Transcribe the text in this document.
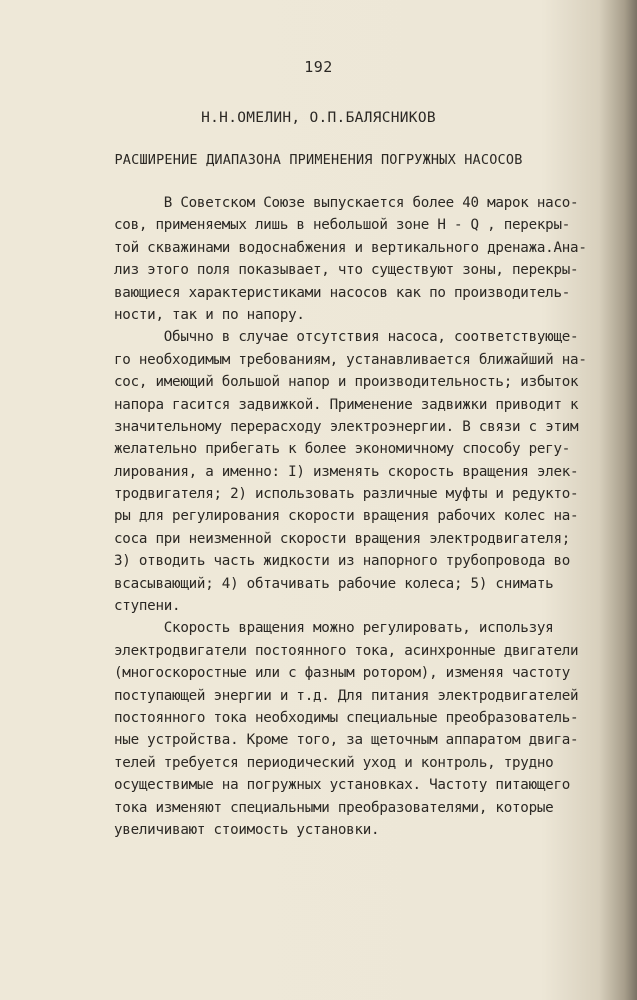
192
Н.Н.ОМЕЛИН, О.П.БАЛЯСНИКОВ
РАСШИРЕНИЕ ДИАПАЗОНА ПРИМЕНЕНИЯ ПОГРУЖНЫХ НАСОСОВ
В Советском Союзе выпускается более 40 марок насо-
сов, применяемых лишь в небольшой зоне H - Q , перекры-
той скважинами водоснабжения и вертикального дренажа.Ана-
лиз этого поля показывает, что существуют зоны, перекры-
вающиеся характеристиками насосов как по производитель-
ности, так и по напору.
Обычно в случае отсутствия насоса, соответствующе-
го необходимым требованиям, устанавливается ближайший на-
сос, имеющий большой напор и производительность; избыток
напора гасится задвижкой. Применение задвижки приводит к
значительному перерасходу электроэнергии. В связи с этим
желательно прибегать к более экономичному способу регу-
лирования, а именно: I) изменять скорость вращения элек-
тродвигателя; 2) использовать различные муфты и редукто-
ры для регулирования скорости вращения рабочих колес на-
соса при неизменной скорости вращения электродвигателя;
3) отводить часть жидкости из напорного трубопровода во
всасывающий; 4) обтачивать рабочие колеса; 5) снимать
ступени.
Скорость вращения можно регулировать, используя
электродвигатели постоянного тока, асинхронные двигатели
(многоскоростные или с фазным ротором), изменяя частоту
поступающей энергии и т.д. Для питания электродвигателей
постоянного тока необходимы специальные преобразователь-
ные устройства. Кроме того, за щеточным аппаратом двига-
телей требуется периодический уход и контроль, трудно
осуществимые на погружных установках. Частоту питающего
тока изменяют специальными преобразователями, которые
увеличивают стоимость установки.
